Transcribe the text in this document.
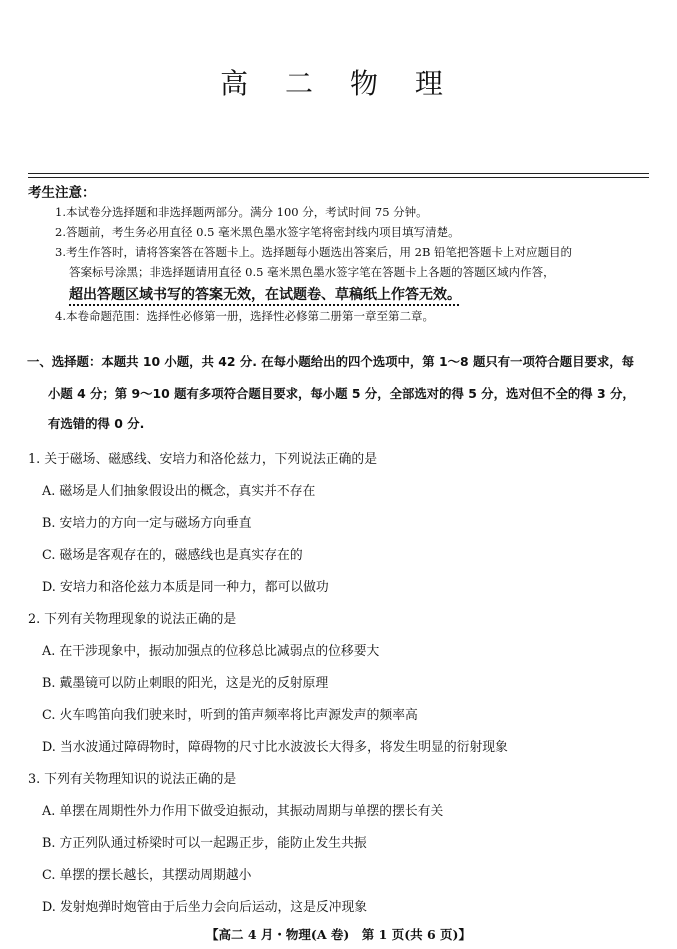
高 二 物 理
考生注意：
1.本试卷分选择题和非选择题两部分。满分 100 分，考试时间 75 分钟。
2.答题前，考生务必用直径 0.5 毫米黑色墨水签字笔将密封线内项目填写清楚。
3.考生作答时，请将答案答在答题卡上。选择题每小题选出答案后，用 2B 铅笔把答题卡上对应题目的
答案标号涂黑；非选择题请用直径 0.5 毫米黑色墨水签字笔在答题卡上各题的答题区域内作答，
超出答题区域书写的答案无效，在试题卷、草稿纸上作答无效。
4.本卷命题范围：选择性必修第一册，选择性必修第二册第一章至第二章。
一、选择题：本题共 10 小题，共 42 分. 在每小题给出的四个选项中，第 1～8 题只有一项符合题目要求，每
小题 4 分；第 9～10 题有多项符合题目要求，每小题 5 分，全部选对的得 5 分，选对但不全的得 3 分，
有选错的得 0 分.
1. 关于磁场、磁感线、安培力和洛伦兹力，下列说法正确的是
A. 磁场是人们抽象假设出的概念，真实并不存在
B. 安培力的方向一定与磁场方向垂直
C. 磁场是客观存在的，磁感线也是真实存在的
D. 安培力和洛伦兹力本质是同一种力，都可以做功
2. 下列有关物理现象的说法正确的是
A. 在干涉现象中，振动加强点的位移总比减弱点的位移要大
B. 戴墨镜可以防止刺眼的阳光，这是光的反射原理
C. 火车鸣笛向我们驶来时，听到的笛声频率将比声源发声的频率高
D. 当水波通过障碍物时，障碍物的尺寸比水波波长大得多，将发生明显的衍射现象
3. 下列有关物理知识的说法正确的是
A. 单摆在周期性外力作用下做受迫振动，其振动周期与单摆的摆长有关
B. 方正列队通过桥梁时可以一起踢正步，能防止发生共振
C. 单摆的摆长越长，其摆动周期越小
D. 发射炮弹时炮管由于后坐力会向后运动，这是反冲现象
【高二 4 月・物理(A 卷)　第 1 页(共 6 页)】
